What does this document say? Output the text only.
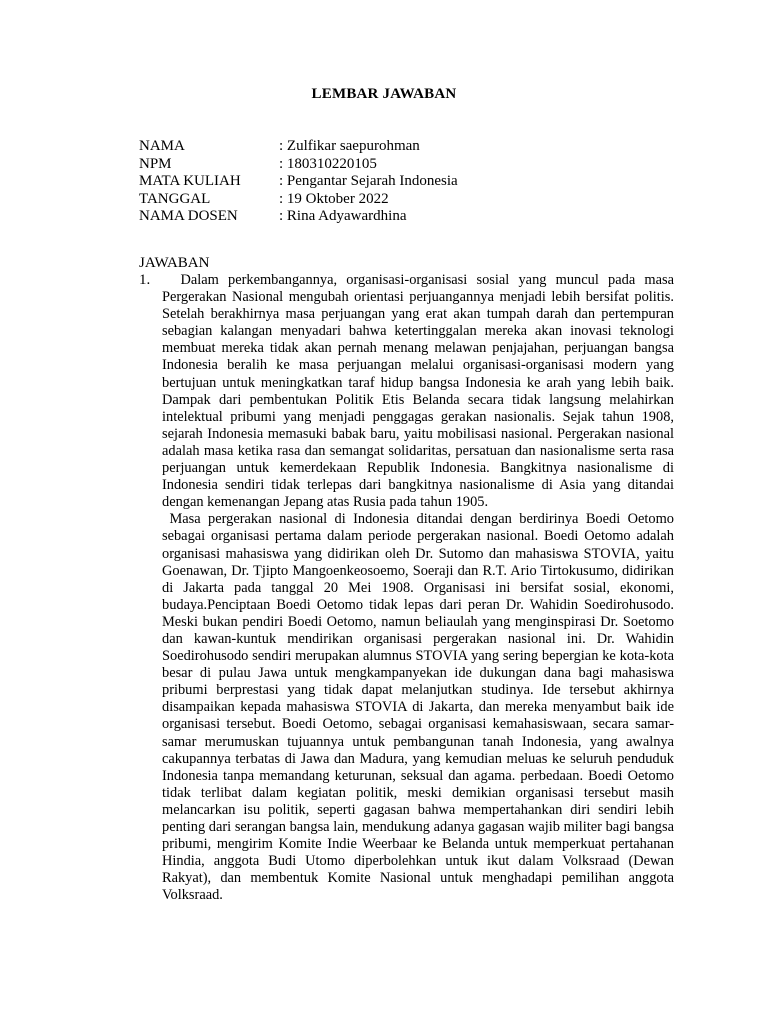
LEMBAR JAWABAN
NAMA	: Zulfikar saepurohman
NPM	: 180310220105
MATA KULIAH	: Pengantar Sejarah Indonesia
TANGGAL	: 19 Oktober 2022
NAMA DOSEN	: Rina Adyawardhina
JAWABAN
1. Dalam perkembangannya, organisasi-organisasi sosial yang muncul pada masa Pergerakan Nasional mengubah orientasi perjuangannya menjadi lebih bersifat politis. Setelah berakhirnya masa perjuangan yang erat akan tumpah darah dan pertempuran sebagian kalangan menyadari bahwa ketertinggalan mereka akan inovasi teknologi membuat mereka tidak akan pernah menang melawan penjajahan, perjuangan bangsa Indonesia beralih ke masa perjuangan melalui organisasi-organisasi modern yang bertujuan untuk meningkatkan taraf hidup bangsa Indonesia ke arah yang lebih baik. Dampak dari pembentukan Politik Etis Belanda secara tidak langsung melahirkan intelektual pribumi yang menjadi penggagas gerakan nasionalis. Sejak tahun 1908, sejarah Indonesia memasuki babak baru, yaitu mobilisasi nasional. Pergerakan nasional adalah masa ketika rasa dan semangat solidaritas, persatuan dan nasionalisme serta rasa perjuangan untuk kemerdekaan Republik Indonesia. Bangkitnya nasionalisme di Indonesia sendiri tidak terlepas dari bangkitnya nasionalisme di Asia yang ditandai dengan kemenangan Jepang atas Rusia pada tahun 1905.

Masa pergerakan nasional di Indonesia ditandai dengan berdirinya Boedi Oetomo sebagai organisasi pertama dalam periode pergerakan nasional. Boedi Oetomo adalah organisasi mahasiswa yang didirikan oleh Dr. Sutomo dan mahasiswa STOVIA, yaitu Goenawan, Dr. Tjipto Mangoenkeosoemo, Soeraji dan R.T. Ario Tirtokusumo, didirikan di Jakarta pada tanggal 20 Mei 1908. Organisasi ini bersifat sosial, ekonomi, budaya.Penciptaan Boedi Oetomo tidak lepas dari peran Dr. Wahidin Soedirohusodo. Meski bukan pendiri Boedi Oetomo, namun beliaulah yang menginspirasi Dr. Soetomo dan kawan-kuntuk mendirikan organisasi pergerakan nasional ini. Dr. Wahidin Soedirohusodo sendiri merupakan alumnus STOVIA yang sering bepergian ke kota-kota besar di pulau Jawa untuk mengkampanyekan ide dukungan dana bagi mahasiswa pribumi berprestasi yang tidak dapat melanjutkan studinya. Ide tersebut akhirnya disampaikan kepada mahasiswa STOVIA di Jakarta, dan mereka menyambut baik ide organisasi tersebut. Boedi Oetomo, sebagai organisasi kemahasiswaan, secara samar-samar merumuskan tujuannya untuk pembangunan tanah Indonesia, yang awalnya cakupannya terbatas di Jawa dan Madura, yang kemudian meluas ke seluruh penduduk Indonesia tanpa memandang keturunan, seksual dan agama. perbedaan. Boedi Oetomo tidak terlibat dalam kegiatan politik, meski demikian organisasi tersebut masih melancarkan isu politik, seperti gagasan bahwa mempertahankan diri sendiri lebih penting dari serangan bangsa lain, mendukung adanya gagasan wajib militer bagi bangsa pribumi, mengirim Komite Indie Weerbaar ke Belanda untuk memperkuat pertahanan Hindia, anggota Budi Utomo diperbolehkan untuk ikut dalam Volksraad (Dewan Rakyat), dan membentuk Komite Nasional untuk menghadapi pemilihan anggota Volksraad.
